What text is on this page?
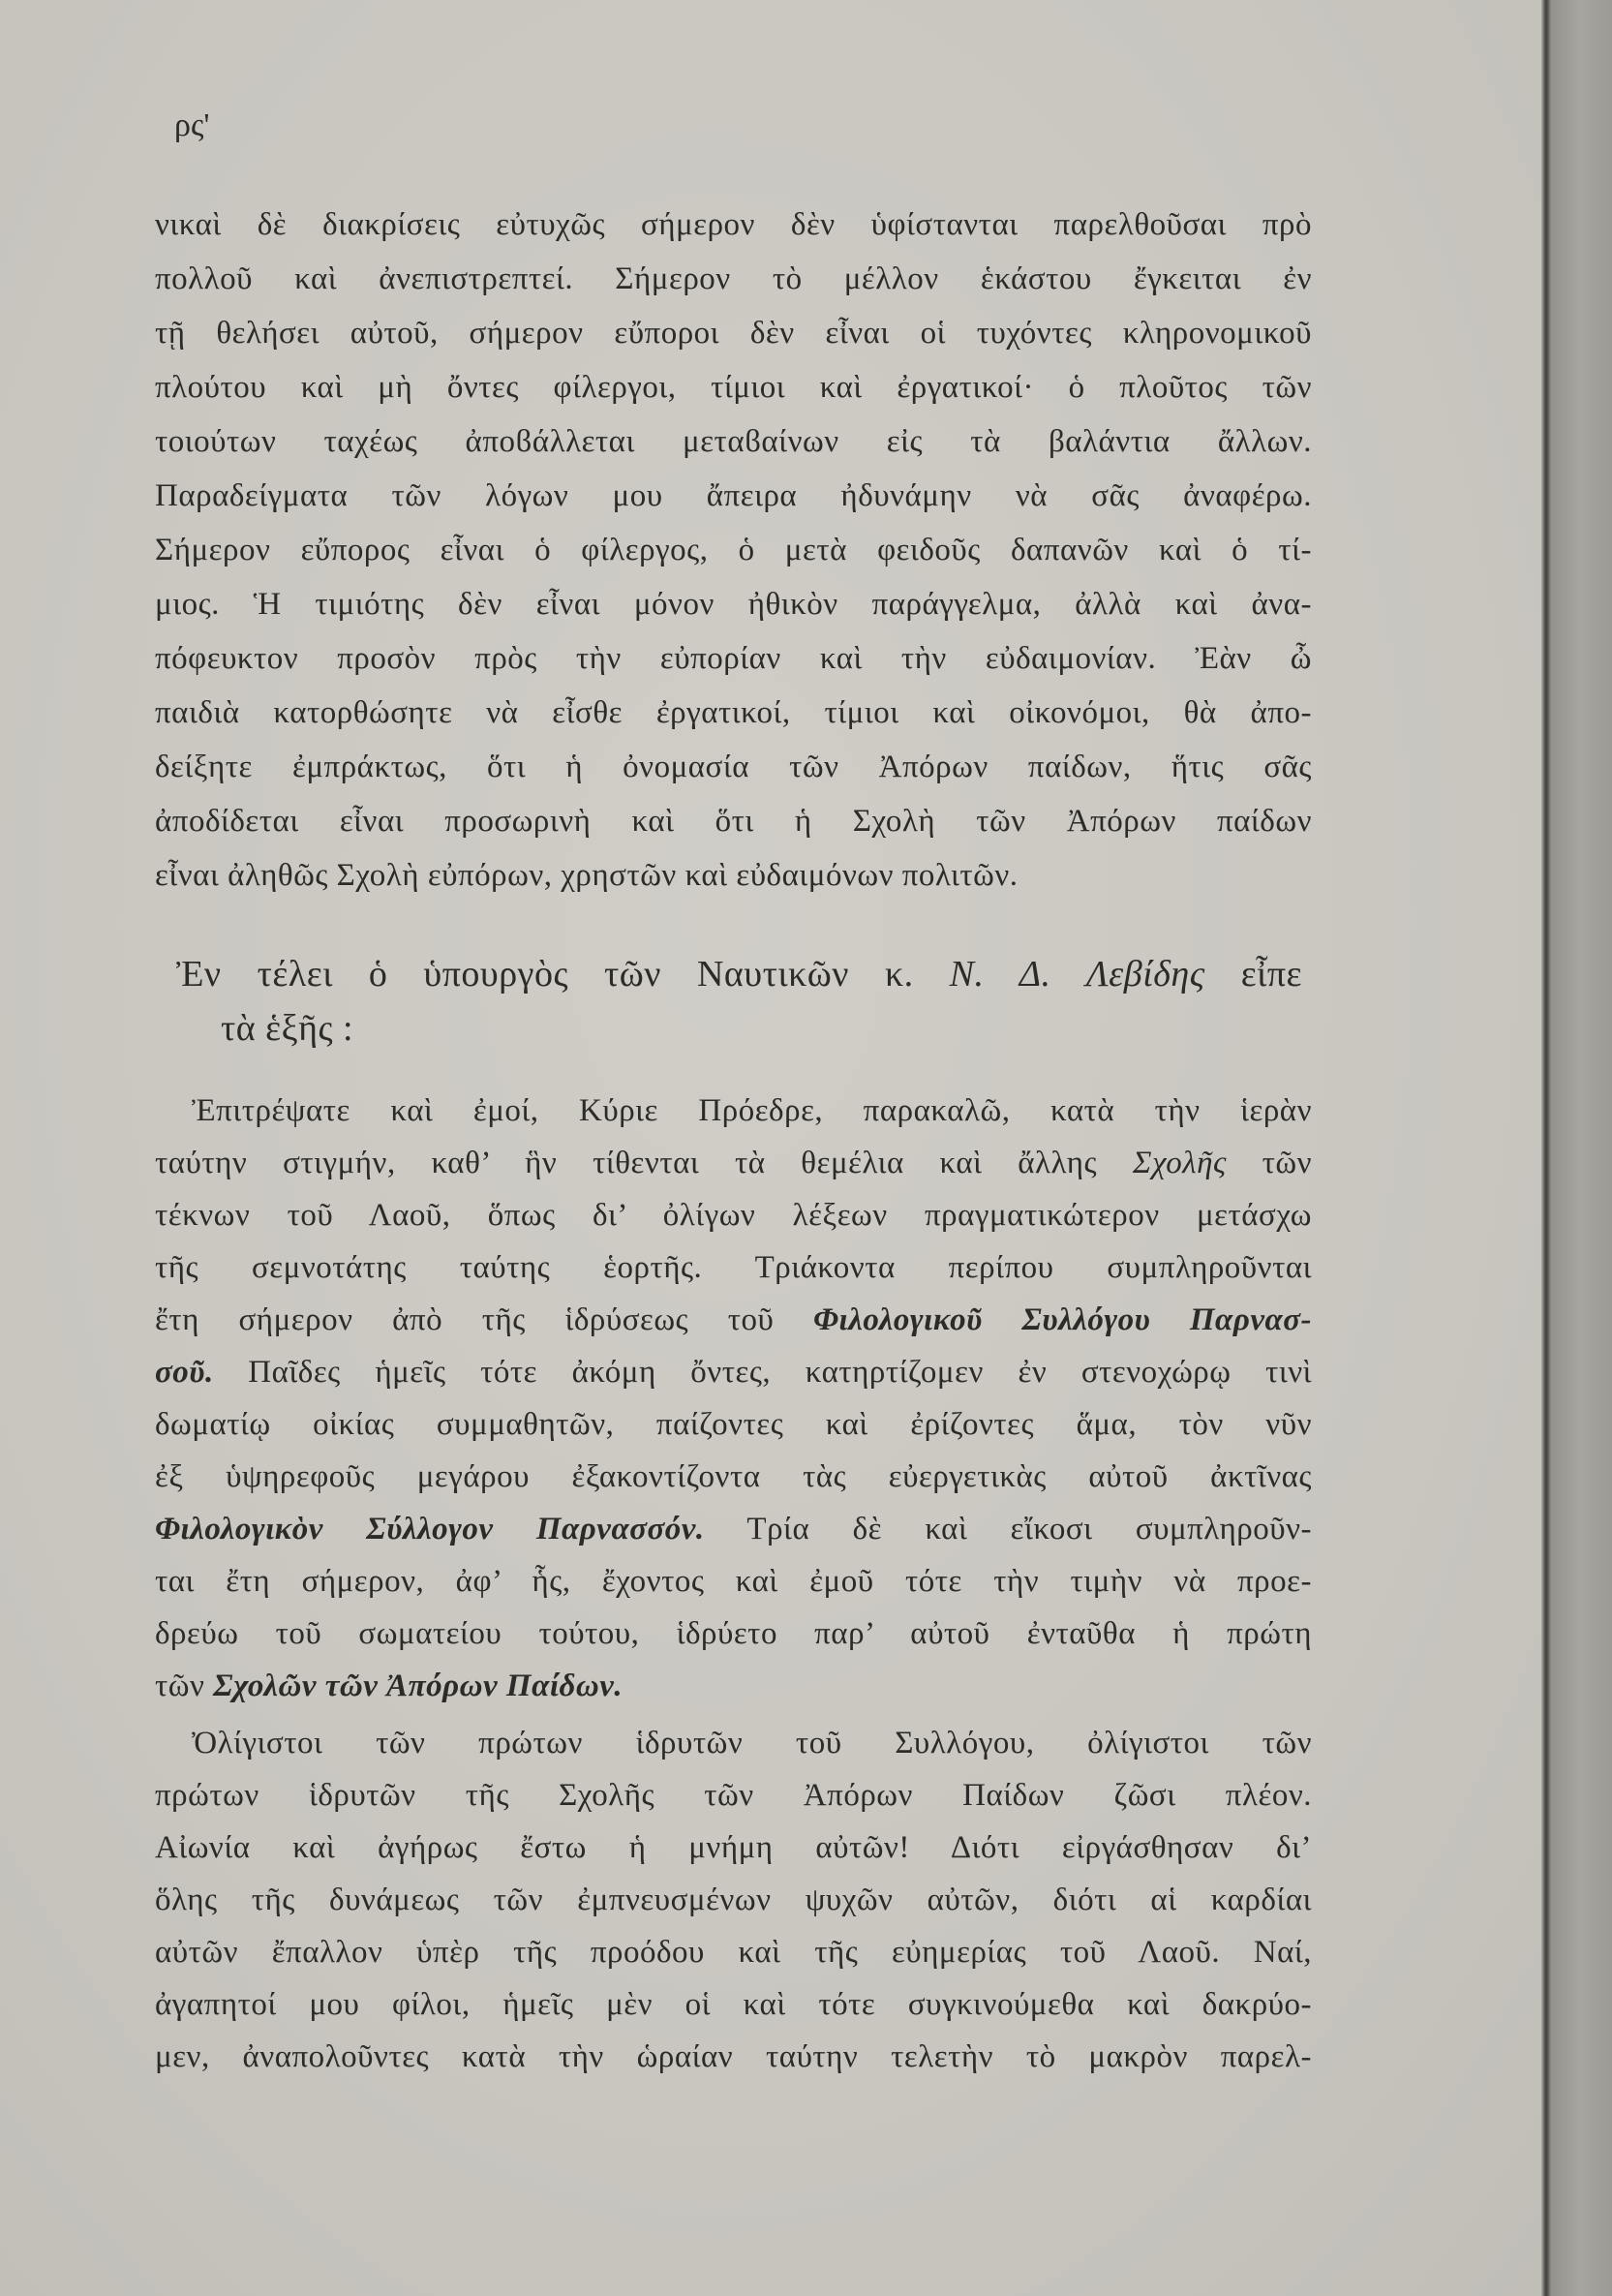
ρς'
νικαὶ δὲ διακρίσεις εὐτυχῶς σήμερον δὲν ὑφίστανται παρελθοῦσαι πρὸ
πολλοῦ καὶ ἀνεπιστρεπτεί. Σήμερον τὸ μέλλον ἑκάστου ἔγκειται ἐν
τῇ θελήσει αὐτοῦ, σήμερον εὔποροι δὲν εἶναι οἱ τυχόντες κληρονομικοῦ
πλούτου καὶ μὴ ὄντες φίλεργοι, τίμιοι καὶ ἐργατικοί· ὁ πλοῦτος τῶν
τοιούτων ταχέως ἀποϐάλλεται μεταϐαίνων εἰς τὰ βαλάντια ἄλλων.
Παραδείγματα τῶν λόγων μου ἄπειρα ἠδυνάμην νὰ σᾶς ἀναφέρω.
Σήμερον εὔπορος εἶναι ὁ φίλεργος, ὁ μετὰ φειδοῦς δαπανῶν καὶ ὁ τί-
μιος. Ἡ τιμιότης δὲν εἶναι μόνον ἠθικὸν παράγγελμα, ἀλλὰ καὶ ἀνα-
πόφευκτον προσὸν πρὸς τὴν εὐπορίαν καὶ τὴν εὐδαιμονίαν. Ἐὰν ὦ
παιδιὰ κατορθώσητε νὰ εἶσθε ἐργατικοί, τίμιοι καὶ οἰκονόμοι, θὰ ἀπο-
δείξητε ἐμπράκτως, ὅτι ἡ ὀνομασία τῶν Ἀπόρων παίδων, ἥτις σᾶς
ἀποδίδεται εἶναι προσωρινὴ καὶ ὅτι ἡ Σχολὴ τῶν Ἀπόρων παίδων
εἶναι ἀληθῶς Σχολὴ εὐπόρων, χρηστῶν καὶ εὐδαιμόνων πολιτῶν.
Ἐν τέλει ὁ ὑπουργὸς τῶν Ναυτικῶν κ. Ν. Δ. Λεβίδης εἶπε
τὰ ἑξῆς :
Ἐπιτρέψατε καὶ ἐμοί, Κύριε Πρόεδρε, παρακαλῶ, κατὰ τὴν ἱερὰν
ταύτην στιγμήν, καθ’ ἣν τίθενται τὰ θεμέλια καὶ ἄλλης Σχολῆς τῶν
τέκνων τοῦ Λαοῦ, ὅπως δι’ ὀλίγων λέξεων πραγματικώτερον μετάσχω
τῆς σεμνοτάτης ταύτης ἑορτῆς. Τριάκοντα περίπου συμπληροῦνται
ἔτη σήμερον ἀπὸ τῆς ἱδρύσεως τοῦ Φιλολογικοῦ Συλλόγου Παρνασ-
σοῦ. Παῖδες ἡμεῖς τότε ἀκόμη ὄντες, κατηρτίζομεν ἐν στενοχώρῳ τινὶ
δωματίῳ οἰκίας συμμαθητῶν, παίζοντες καὶ ἐρίζοντες ἅμα, τὸν νῦν
ἐξ ὑψηρεφοῦς μεγάρου ἐξακοντίζοντα τὰς εὐεργετικὰς αὐτοῦ ἀκτῖνας
Φιλολογικὸν Σύλλογον Παρνασσόν. Τρία δὲ καὶ εἴκοσι συμπληροῦν-
ται ἔτη σήμερον, ἀφ’ ἧς, ἔχοντος καὶ ἐμοῦ τότε τὴν τιμὴν νὰ προε-
δρεύω τοῦ σωματείου τούτου, ἱδρύετο παρ’ αὐτοῦ ἐνταῦθα ἡ πρώτη
τῶν Σχολῶν τῶν Ἀπόρων Παίδων.
Ὀλίγιστοι τῶν πρώτων ἱδρυτῶν τοῦ Συλλόγου, ὀλίγιστοι τῶν
πρώτων ἱδρυτῶν τῆς Σχολῆς τῶν Ἀπόρων Παίδων ζῶσι πλέον.
Αἰωνία καὶ ἀγήρως ἔστω ἡ μνήμη αὐτῶν! Διότι εἰργάσθησαν δι’
ὅλης τῆς δυνάμεως τῶν ἐμπνευσμένων ψυχῶν αὐτῶν, διότι αἱ καρδίαι
αὐτῶν ἔπαλλον ὑπὲρ τῆς προόδου καὶ τῆς εὐημερίας τοῦ Λαοῦ. Ναί,
ἀγαπητοί μου φίλοι, ἡμεῖς μὲν οἱ καὶ τότε συγκινούμεθα καὶ δακρύο-
μεν, ἀναπολοῦντες κατὰ τὴν ὡραίαν ταύτην τελετὴν τὸ μακρὸν παρελ-
